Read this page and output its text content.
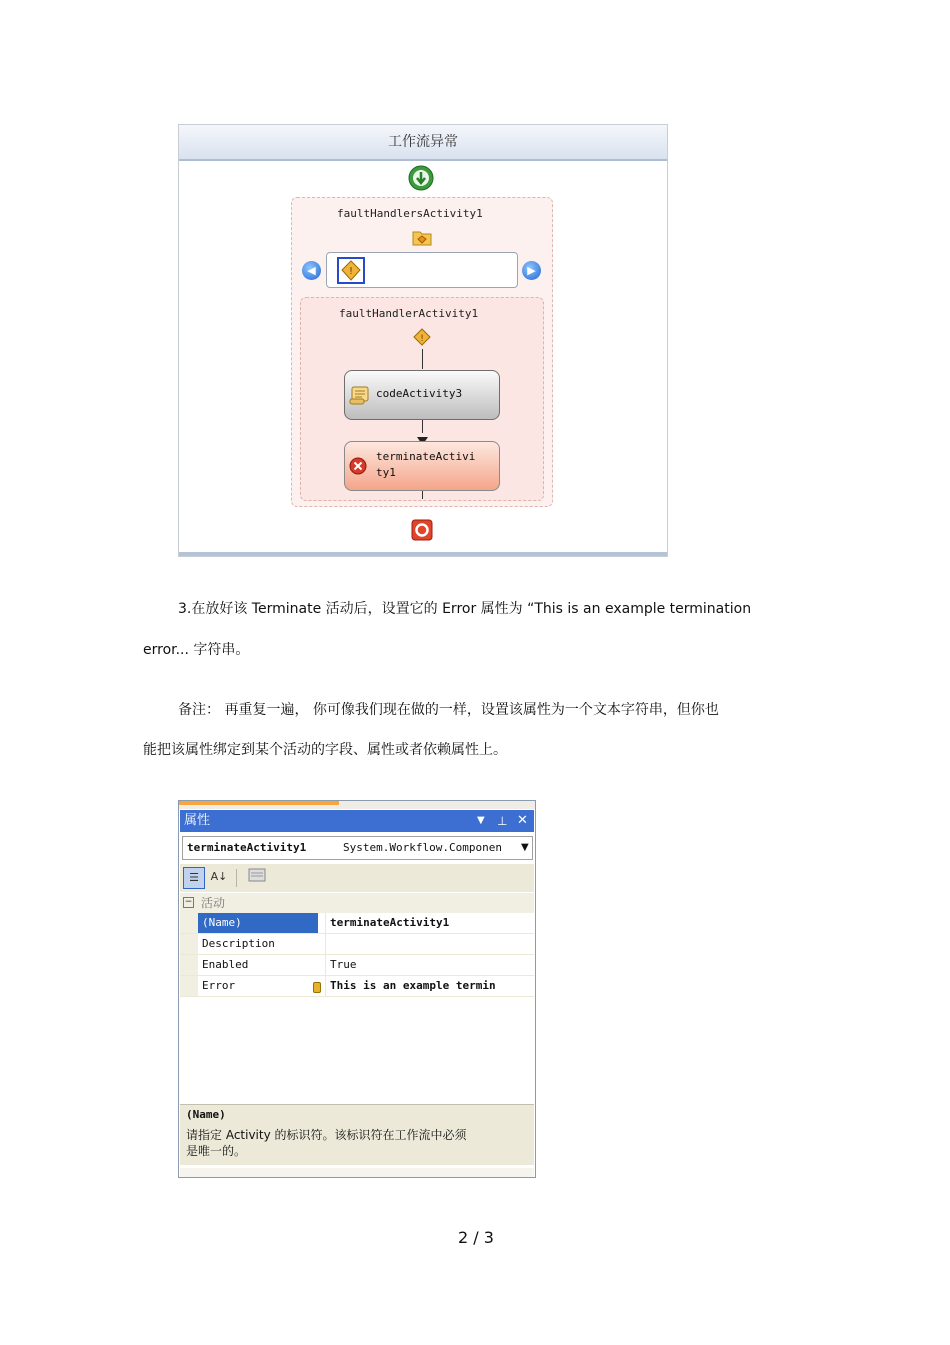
工作流异常
faultHandlersActivity1
◀	!	▶
faultHandlerActivity1
!
codeActivity3
terminateActivi ty1
3.在放好该 Terminate 活动后，设置它的 Error 属性为 “This is an example termination
error... 字符串。
备注： 再重复一遍， 你可像我们现在做的一样，设置该属性为一个文本字符串，但你也
能把该属性绑定到某个活动的字段、属性或者依赖属性上。
属性	▼ ⊥ ✕
terminateActivity1	System.Workflow.Componen ▼
☰	A↓
− 活动
(Name)	terminateActivity1
Description
Enabled	True
Error	This is an example termin
(Name)
请指定 Activity 的标识符。该标识符在工作流中必须
是唯一的。
2 / 3
